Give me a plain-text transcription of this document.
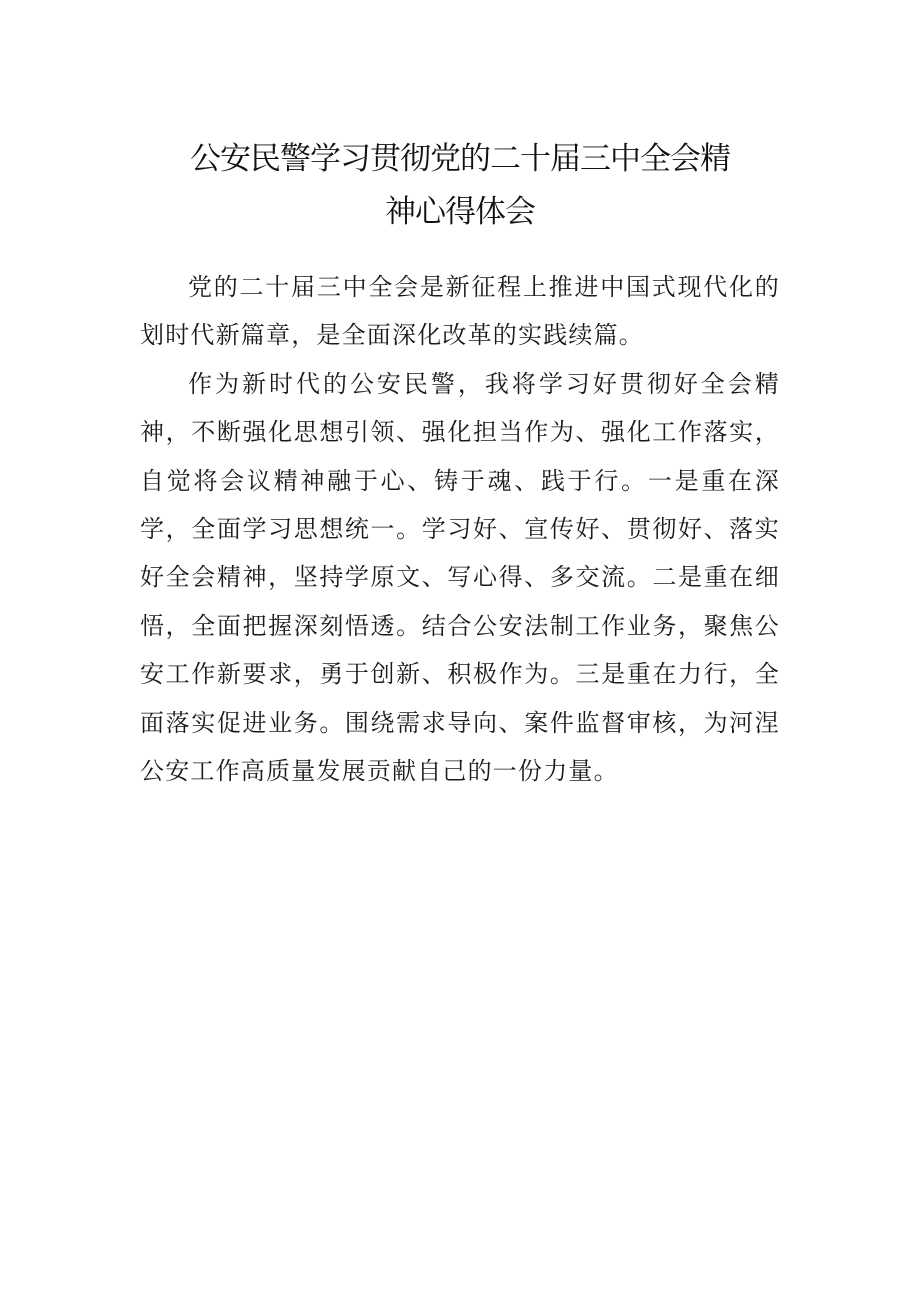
公安民警学习贯彻党的二十届三中全会精
神心得体会

党的二十届三中全会是新征程上推进中国式现代化的划时代新篇章，是全面深化改革的实践续篇。

作为新时代的公安民警，我将学习好贯彻好全会精神，不断强化思想引领、强化担当作为、强化工作落实，自觉将会议精神融于心、铸于魂、践于行。一是重在深学，全面学习思想统一。学习好、宣传好、贯彻好、落实好全会精神，坚持学原文、写心得、多交流。二是重在细悟，全面把握深刻悟透。结合公安法制工作业务，聚焦公安工作新要求，勇于创新、积极作为。三是重在力行，全面落实促进业务。围绕需求导向、案件监督审核，为河涅公安工作高质量发展贡献自己的一份力量。
